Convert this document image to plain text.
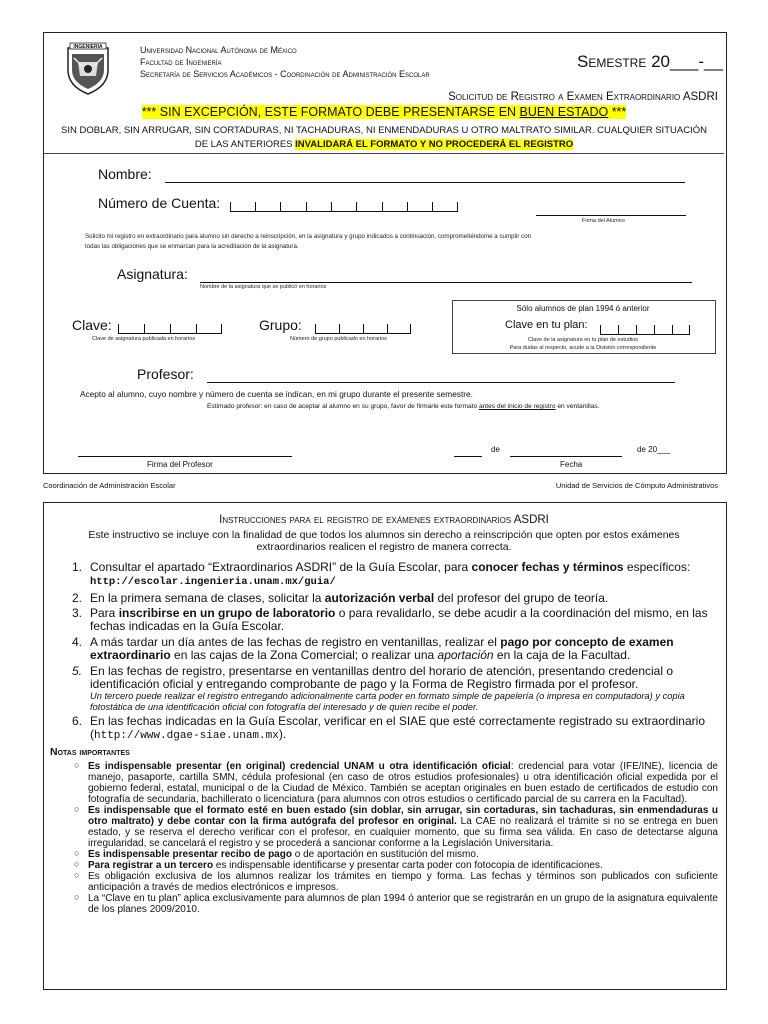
INGENIERIA	Universidad Nacional Autónoma de México
Facultad de Ingeniería
Secretaría de Servicios Académicos - Coordinación de Administración Escolar
Semestre 20___-__
Solicitud de Registro a Examen Extraordinario ASDRI
*** SIN EXCEPCIÓN, ESTE FORMATO DEBE PRESENTARSE EN BUEN ESTADO ***
SIN DOBLAR, SIN ARRUGAR, SIN CORTADURAS, NI TACHADURAS, NI ENMENDADURAS U OTRO MALTRATO SIMILAR. CUALQUIER SITUACIÓN
DE LAS ANTERIORES INVALIDARÁ EL FORMATO Y NO PROCEDERÁ EL REGISTRO
Nombre:
Número de Cuenta:
Firma del Alumno
Solicito mi registro en extraordinario para alumno sin derecho a reinscripción, en la asignatura y grupo indicados a continuación, comprometiéndome a cumplir con
todas las obligaciones que se enmarcan para la acreditación de la asignatura.
Asignatura:
Nombre de la asignatura que se publicó en horarios
Sólo alumnos de plan 1994 ó anterior
Clave en tu plan:
Clave de la asignatura en tu plan de estudios
Para dudas al respecto, acude a la División correspondiente
Clave:
Clave de asignatura publicada en horarios
Grupo:
Número de grupo publicado en horarios
Profesor:
Acepto al alumno, cuyo nombre y número de cuenta se indican, en mi grupo durante el presente semestre.
Estimado profesor: en caso de aceptar al alumno en su grupo, favor de firmarle este formato antes del inicio de registro en ventanillas.
Firma del Profesor
de	de 20___
Fecha
Coordinación de Administración Escolar	Unidad de Servicios de Cómputo Administrativos
Instrucciones para el registro de exámenes extraordinarios ASDRI
Este instructivo se incluye con la finalidad de que todos los alumnos sin derecho a reinscripción que opten por estos exámenes
extraordinarios realicen el registro de manera correcta.
1. Consultar el apartado “Extraordinarios ASDRI” de la Guía Escolar, para conocer fechas y términos específicos:
http://escolar.ingenieria.unam.mx/guia/
2. En la primera semana de clases, solicitar la autorización verbal del profesor del grupo de teoría.
3. Para inscribirse en un grupo de laboratorio o para revalidarlo, se debe acudir a la coordinación del mismo, en las fechas indicadas en la Guía Escolar.
4. A más tardar un día antes de las fechas de registro en ventanillas, realizar el pago por concepto de examen extraordinario en las cajas de la Zona Comercial; o realizar una aportación en la caja de la Facultad.
5. En las fechas de registro, presentarse en ventanillas dentro del horario de atención, presentando credencial o identificación oficial y entregando comprobante de pago y la Forma de Registro firmada por el profesor.

Un tercero puede realizar el registro entregando adicionalmente carta poder en formato simple de papelería (o impresa en computadora) y copia fotostática de una identificación oficial con fotografía del interesado y de quien recibe el poder.
6. En las fechas indicadas en la Guía Escolar, verificar en el SIAE que esté correctamente registrado su extraordinario (http://www.dgae-siae.unam.mx).
Notas importantes
○ Es indispensable presentar (en original) credencial UNAM u otra identificación oficial: credencial para votar (IFE/INE), licencia de manejo, pasaporte, cartilla SMN, cédula profesional (en caso de otros estudios profesionales) u otra identificación oficial expedida por el gobierno federal, estatal, municipal o de la Ciudad de México. También se aceptan originales en buen estado de certificados de estudio con fotografía de secundaria, bachillerato o licenciatura (para alumnos con otros estudios o certificado parcial de su carrera en la Facultad).
○ Es indispensable que el formato esté en buen estado (sin doblar, sin arrugar, sin cortaduras, sin tachaduras, sin enmendaduras u otro maltrato) y debe contar con la firma autógrafa del profesor en original. La CAE no realizará el trámite si no se entrega en buen estado, y se reserva el derecho verificar con el profesor, en cualquier momento, que su firma sea válida. En caso de detectarse alguna irregularidad, se cancelará el registro y se procederá a sancionar conforme a la Legislación Universitaria.
○ Es indispensable presentar recibo de pago o de aportación en sustitución del mismo.
○ Para registrar a un tercero es indispensable identificarse y presentar carta poder con fotocopia de identificaciones.
○ Es obligación exclusiva de los alumnos realizar los trámites en tiempo y forma. Las fechas y términos son publicados con suficiente anticipación a través de medios electrónicos e impresos.
○ La “Clave en tu plan” aplica exclusivamente para alumnos de plan 1994 ó anterior que se registrarán en un grupo de la asignatura equivalente de los planes 2009/2010.
